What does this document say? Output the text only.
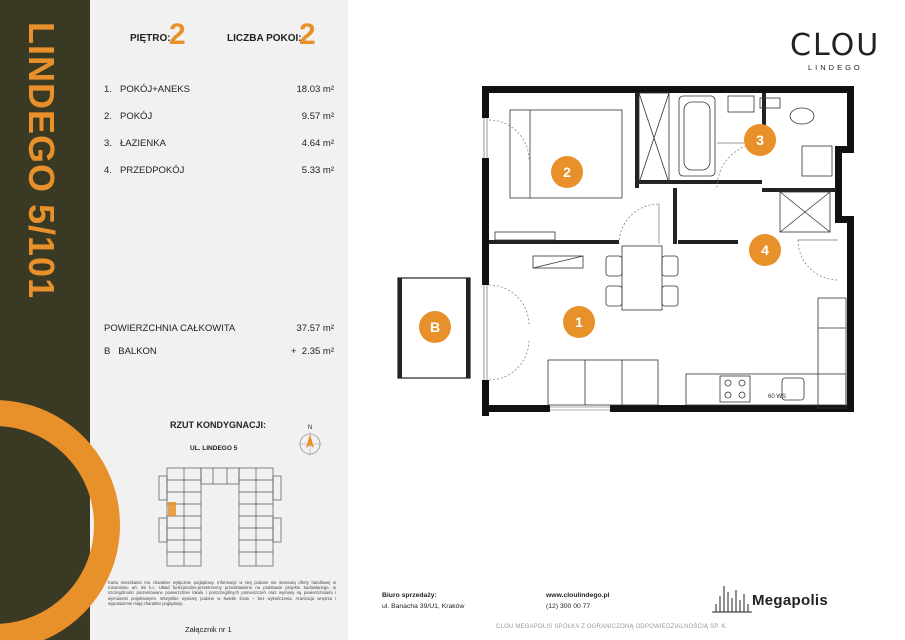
LINDEGO 5/101	PIĘTRO:
2	LICZBA POKOI:
2
1. POKÓJ+ANEKS	18.03 m²
2. POKÓJ	9.57 m²
3. ŁAZIENKA	4.64 m²
4. PRZEDPOKÓJ	5.33 m²
POWIERZCHNIA CAŁKOWITA	37.57 m²
B   BALKON	+  2.35 m²
RZUT KONDYGNACJI:
UL. LINDEGO 5
N

Karta mieszkania ma charakter wyłącznie poglądowy. Informacje w niej podane nie stanowią oferty handlowej w rozumieniu art. 66 k.c. Układ funkcjonalno-przestrzenny przedstawiono na podstawie projektu budowlanego, w szczególności prezentowane powierzchnie lokalu i poszczególnych pomieszczeń oraz wymiary są powierzchniami i wymiarami projektowymi. Wszystkie wymiary podane w świetle ścian – bez wykończenia. Aranżacja wnętrza i wyposażenie mają charakter poglądowy.

Załącznik nr 1
CLOU
LINDEGO
60 WS
1
2
3
4
B
Biuro sprzedaży:
ul. Banacha 39/U1, Kraków
www.cloulindego.pl
(12) 300 00 77	Megapolis
CLOU MEGAPOLIS SPÓŁKA Z OGRANICZONĄ ODPOWIEDZIALNOŚCIĄ SP. K.
